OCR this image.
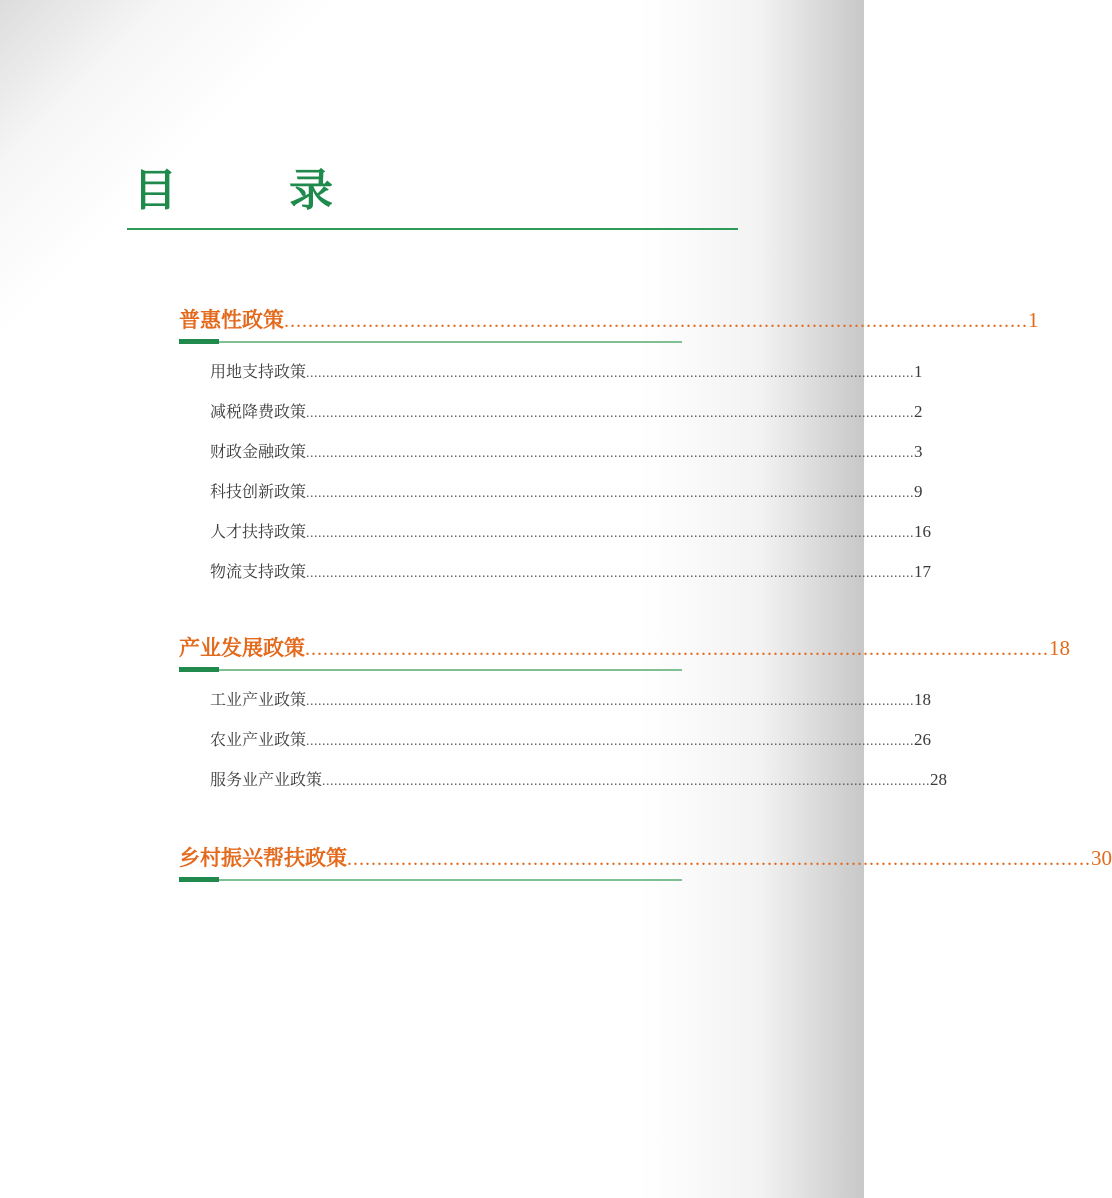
目　录
普惠性政策 ............................................................................................................................ 1
用地支持政策 ........................................................................................................................................................ 1
减税降费政策 ........................................................................................................................................................ 2
财政金融政策 ........................................................................................................................................................ 3
科技创新政策 ........................................................................................................................................................ 9
人才扶持政策 ........................................................................................................................................................ 16
物流支持政策 ........................................................................................................................................................ 17
产业发展政策 ............................................................................................................................ 18
工业产业政策 ........................................................................................................................................................ 18
农业产业政策 ........................................................................................................................................................ 26
服务业产业政策 ........................................................................................................................................................ 28
乡村振兴帮扶政策 ............................................................................................................................ 30
